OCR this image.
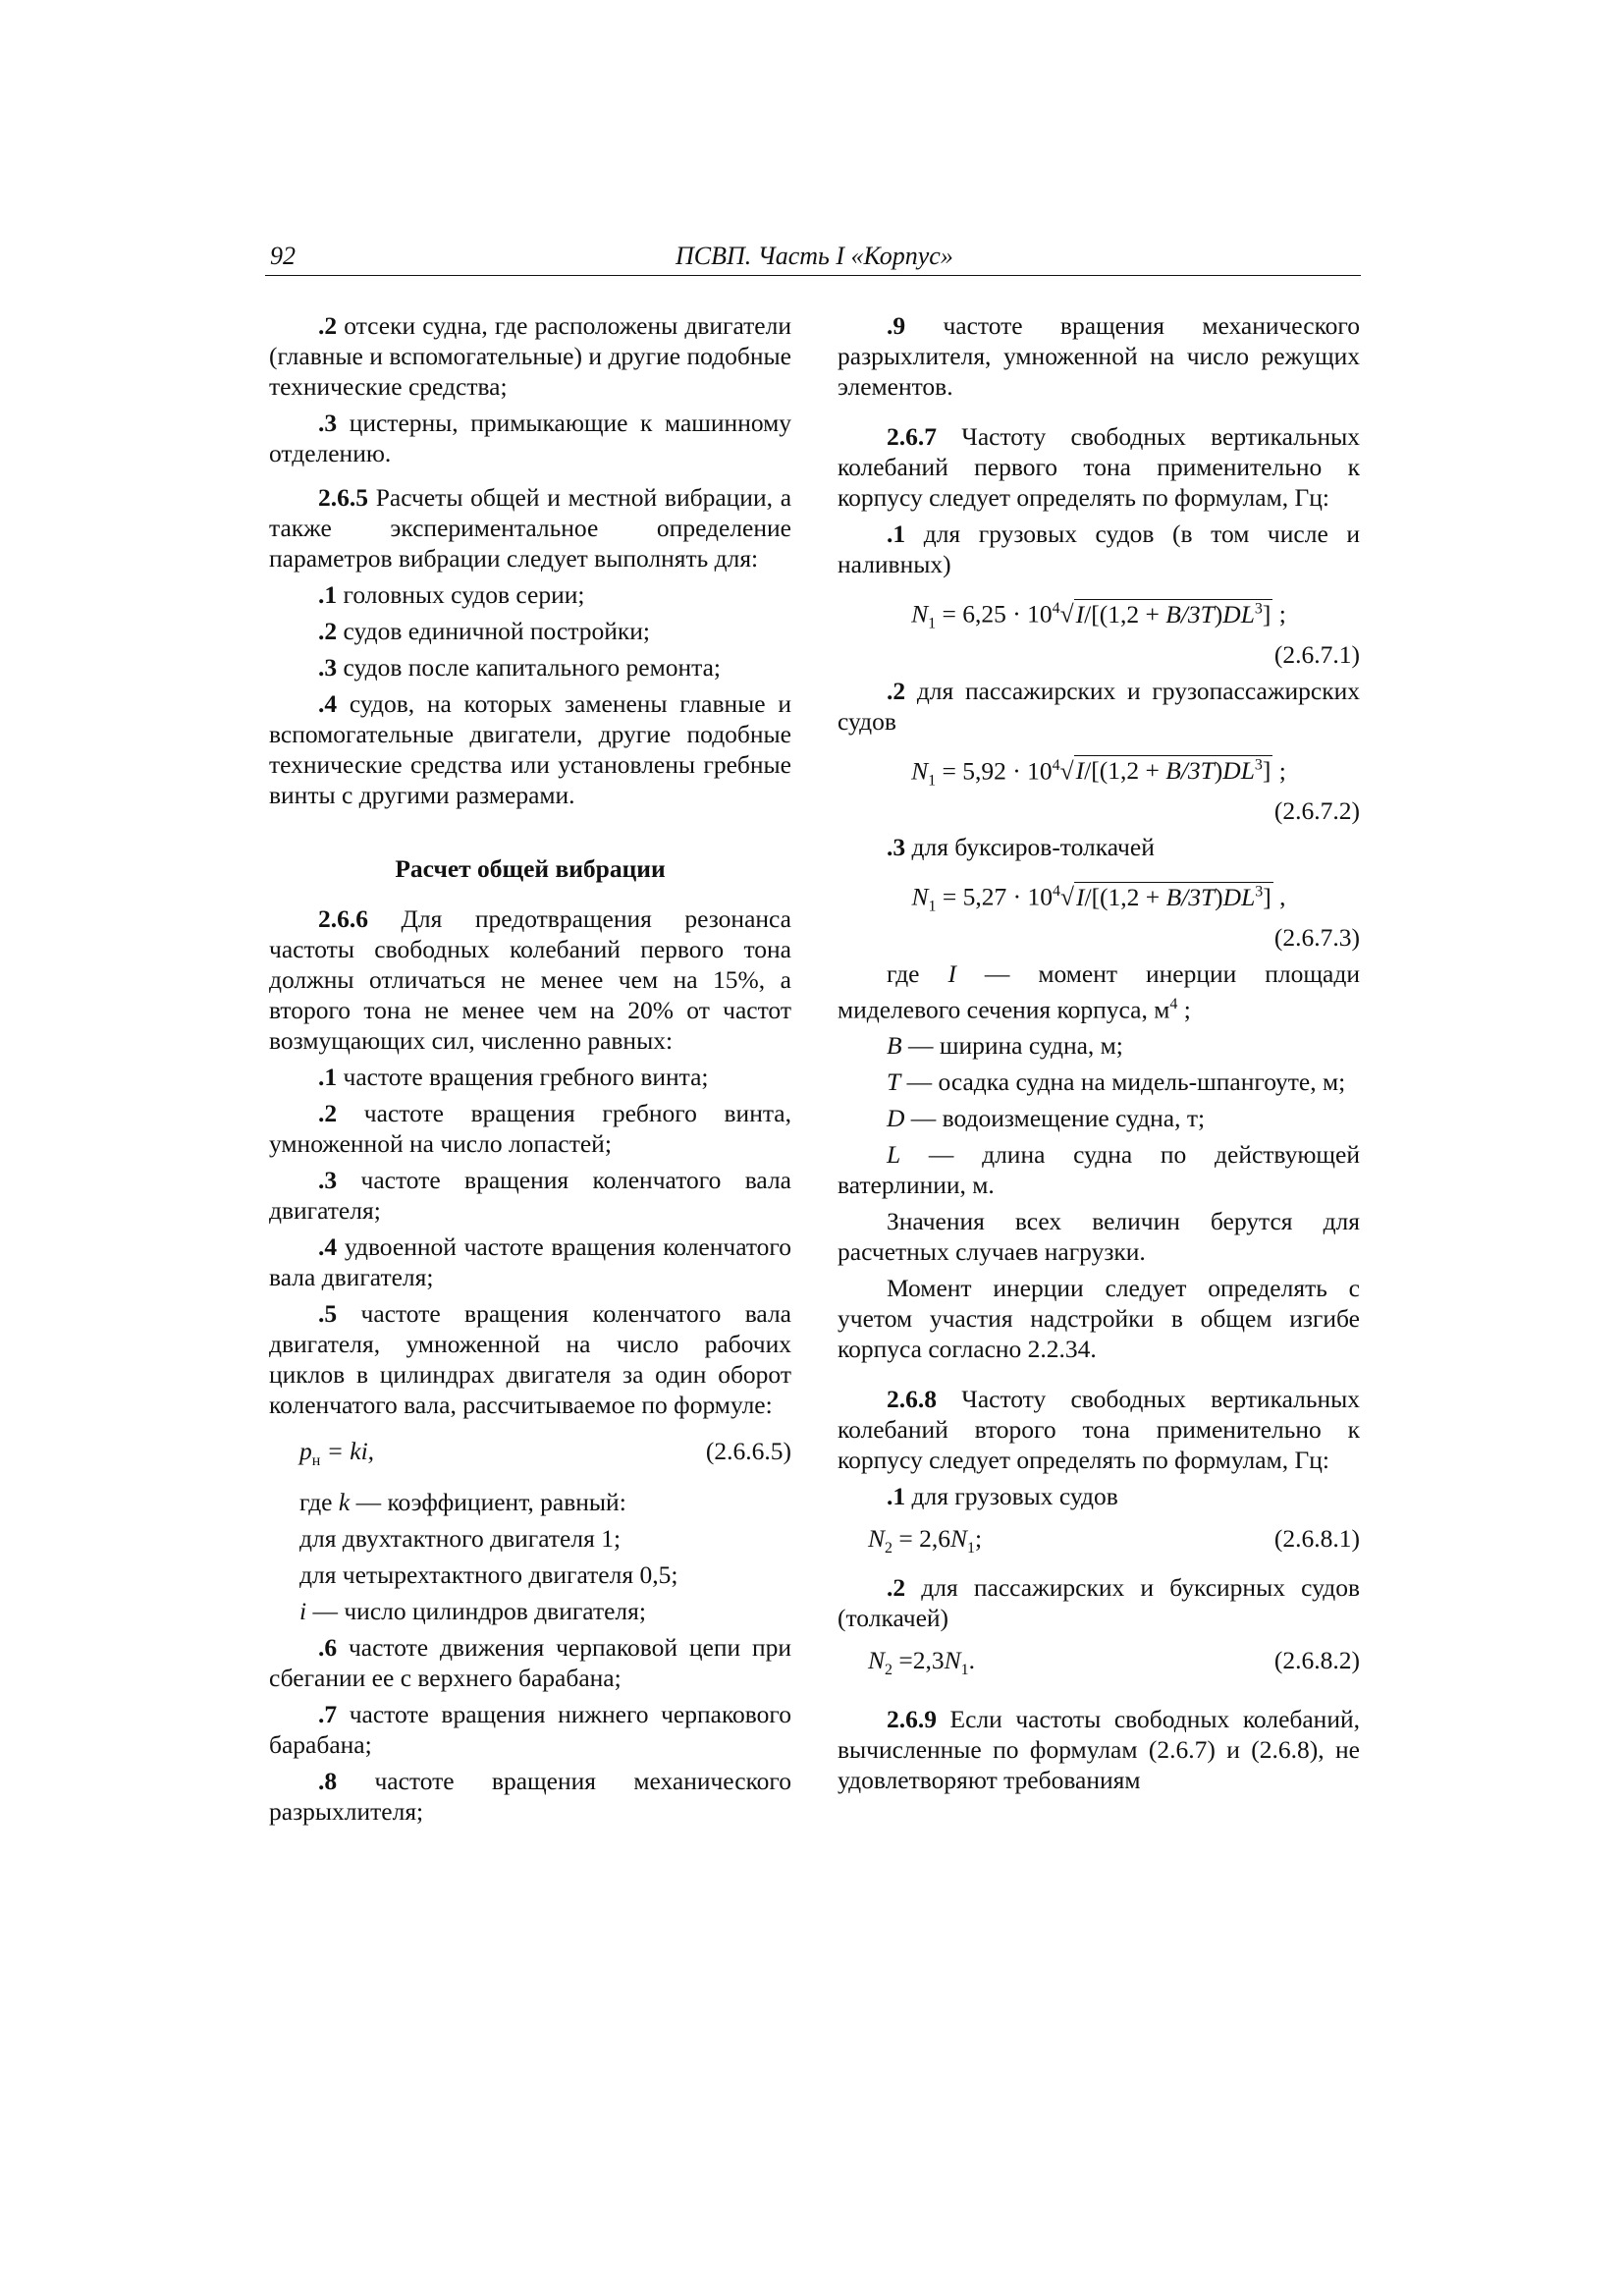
92	ПСВП. Часть I «Корпус»

.2 отсеки судна, где расположены двигатели (главные и вспомогательные) и другие подобные технические средства;

.3 цистерны, примыкающие к машинному отделению.

2.6.5 Расчеты общей и местной вибрации, а также экспериментальное определение параметров вибрации следует выполнять для:

.1 головных судов серии;

.2 судов единичной постройки;

.3 судов после капитального ремонта;

.4 судов, на которых заменены главные и вспомогательные двигатели, другие подобные технические средства или установлены гребные винты с другими размерами.

Расчет общей вибрации

2.6.6 Для предотвращения резонанса частоты свободных колебаний первого тона должны отличаться не менее чем на 15%, а второго тона не менее чем на 20% от частот возмущающих сил, численно равных:

.1 частоте вращения гребного винта;

.2 частоте вращения гребного винта, умноженной на число лопастей;

.3 частоте вращения коленчатого вала двигателя;

.4 удвоенной частоте вращения коленчатого вала двигателя;

.5 частоте вращения коленчатого вала двигателя, умноженной на число рабочих циклов в цилиндрах двигателя за один оборот коленчатого вала, рассчитываемое по формуле:

$p_н$ = ki,	(2.6.6.5)

где k — коэффициент, равный:

для двухтактного двигателя 1;

для четырехтактного двигателя 0,5;

i — число цилиндров двигателя;

.6 частоте движения черпаковой цепи при сбегании ее с верхнего барабана;

.7 частоте вращения нижнего черпакового барабана;

.8 частоте вращения механического разрыхлителя;

.9 частоте вращения механического разрыхлителя, умноженной на число режущих элементов.

2.6.7 Частоту свободных вертикальных колебаний первого тона применительно к корпусу следует определять по формулам, Гц:

.1 для грузовых судов (в том числе и наливных)

$N_1 = 6,25 \cdot 10^4√I/[(1,2 + B/3T)DL^3]$ ;

(2.6.7.1)

.2 для пассажирских и грузопассажирских судов

$N_1 = 5,92 \cdot 10^4√I/[(1,2 + B/3T)DL^3]$ ;

(2.6.7.2)

.3 для буксиров-толкачей

$N_1 = 5,27 \cdot 10^4√I/[(1,2 + B/3T)DL^3]$ ,

(2.6.7.3)

где I — момент инерции площади миделевого сечения корпуса, $м^4$ ;

B — ширина судна, м;

T — осадка судна на мидель-шпангоуте, м;

D — водоизмещение судна, т;

L — длина судна по действующей ватерлинии, м.

Значения всех величин берутся для расчетных случаев нагрузки.

Момент инерции следует определять с учетом участия надстройки в общем изгибе корпуса согласно 2.2.34.

2.6.8 Частоту свободных вертикальных колебаний второго тона применительно к корпусу следует определять по формулам, Гц:

.1 для грузовых судов

$N_2 = 2,6N_1$;	(2.6.8.1)

.2 для пассажирских и буксирных судов (толкачей)

$N_2 =2,3N_1$.	(2.6.8.2)

2.6.9 Если частоты свободных колебаний, вычисленные по формулам (2.6.7) и (2.6.8), не удовлетворяют требованиям
